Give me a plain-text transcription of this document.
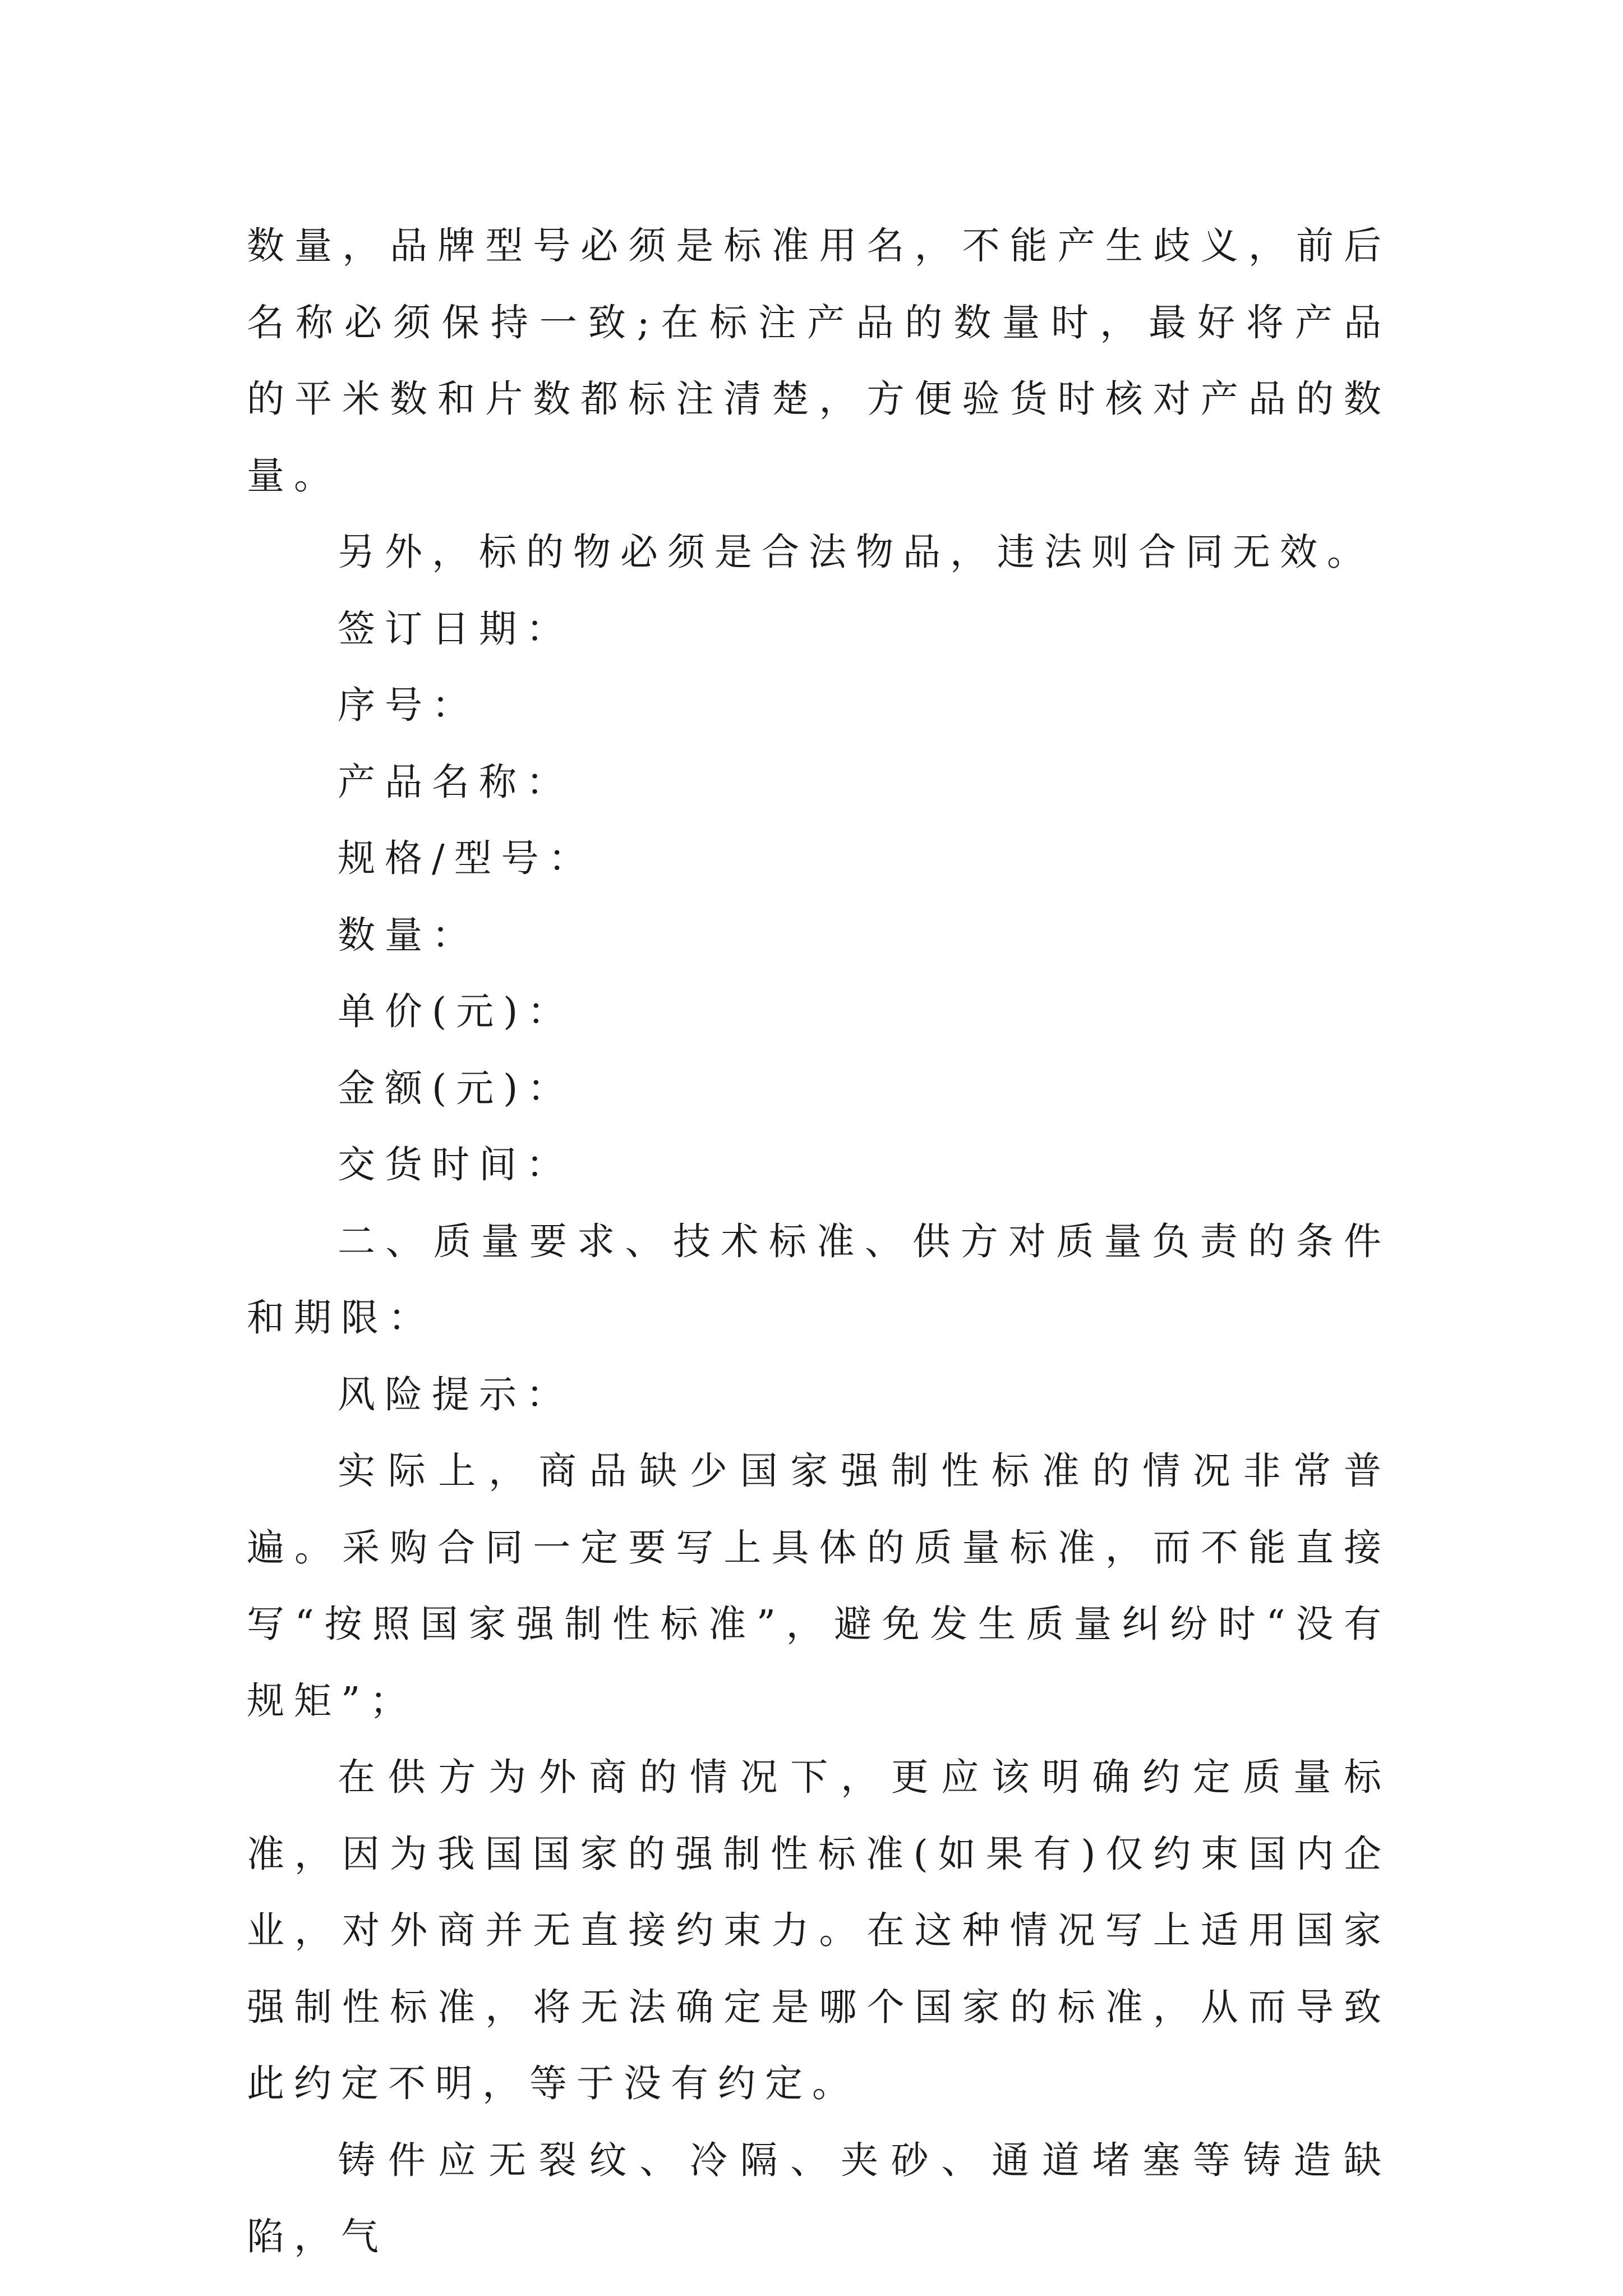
数量，品牌型号必须是标准用名，不能产生歧义，前后名称必须保持一致;在标注产品的数量时，最好将产品的平米数和片数都标注清楚，方便验货时核对产品的数量。

另外，标的物必须是合法物品，违法则合同无效。

签订日期：

序号：

产品名称：

规格/型号：

数量：

单价(元)：

金额(元)：

交货时间：

二、质量要求、技术标准、供方对质量负责的条件和期限：

风险提示：

实际上，商品缺少国家强制性标准的情况非常普遍。采购合同一定要写上具体的质量标准，而不能直接写“按照国家强制性标准”，避免发生质量纠纷时“没有规矩”；

在供方为外商的情况下，更应该明确约定质量标准，因为我国国家的强制性标准(如果有)仅约束国内企业，对外商并无直接约束力。在这种情况写上适用国家强制性标准，将无法确定是哪个国家的标准，从而导致此约定不明，等于没有约定。

铸件应无裂纹、冷隔、夹砂、通道堵塞等铸造缺陷，气
